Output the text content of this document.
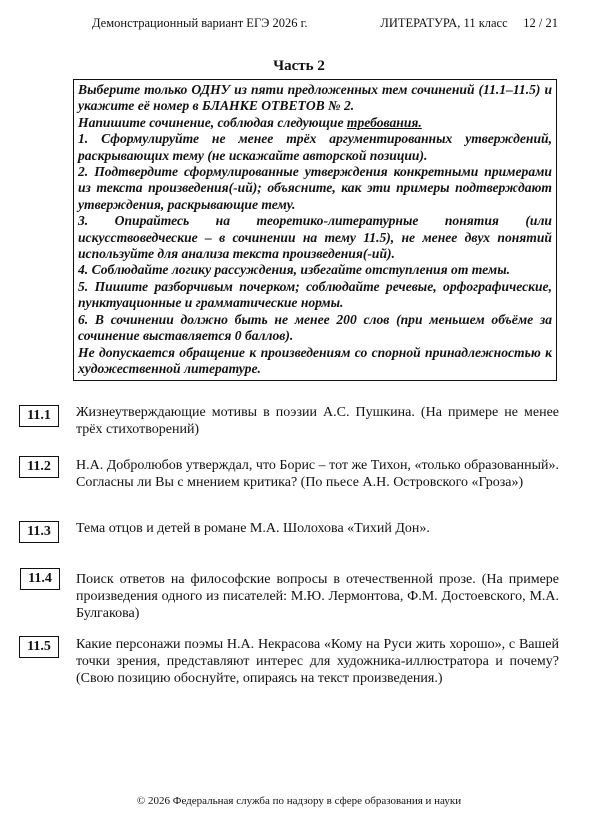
Демонстрационный вариант ЕГЭ 2026 г.	ЛИТЕРАТУРА, 11 класс     12 / 21
Часть 2

Выберите только ОДНУ из пяти предложенных тем сочинений (11.1–11.5) и укажите её номер в БЛАНКЕ ОТВЕТОВ № 2.

Напишите сочинение, соблюдая следующие требования.

1. Сформулируйте не менее трёх аргументированных утверждений, раскрывающих тему (не искажайте авторской позиции).

2. Подтвердите сформулированные утверждения конкретными примерами из текста произведения(-ий); объясните, как эти примеры подтверждают утверждения, раскрывающие тему.

3. Опирайтесь на теоретико-литературные понятия (или искусствоведческие – в сочинении на тему 11.5), не менее двух понятий используйте для анализа текста произведения(-ий).

4. Соблюдайте логику рассуждения, избегайте отступления от темы.

5. Пишите разборчивым почерком; соблюдайте речевые, орфографические, пунктуационные и грамматические нормы.

6. В сочинении должно быть не менее 200 слов (при меньшем объёме за сочинение выставляется 0 баллов).

Не допускается обращение к произведениям со спорной принадлежностью к художественной литературе.

11.1	Жизнеутверждающие мотивы в поэзии А.С. Пушкина. (На примере не менее трёх стихотворений)
11.2	Н.А. Добролюбов утверждал, что Борис – тот же Тихон, «только образованный». Согласны ли Вы с мнением критика? (По пьесе А.Н. Островского «Гроза»)
11.3	Тема отцов и детей в романе М.А. Шолохова «Тихий Дон».
11.4	Поиск ответов на философские вопросы в отечественной прозе. (На примере произведения одного из писателей: М.Ю. Лермонтова, Ф.М. Достоевского, М.А. Булгакова)
11.5	Какие персонажи поэмы Н.А. Некрасова «Кому на Руси жить хорошо», с Вашей точки зрения, представляют интерес для художника-иллюстратора и почему? (Свою позицию обоснуйте, опираясь на текст произведения.)
© 2026 Федеральная служба по надзору в сфере образования и науки
